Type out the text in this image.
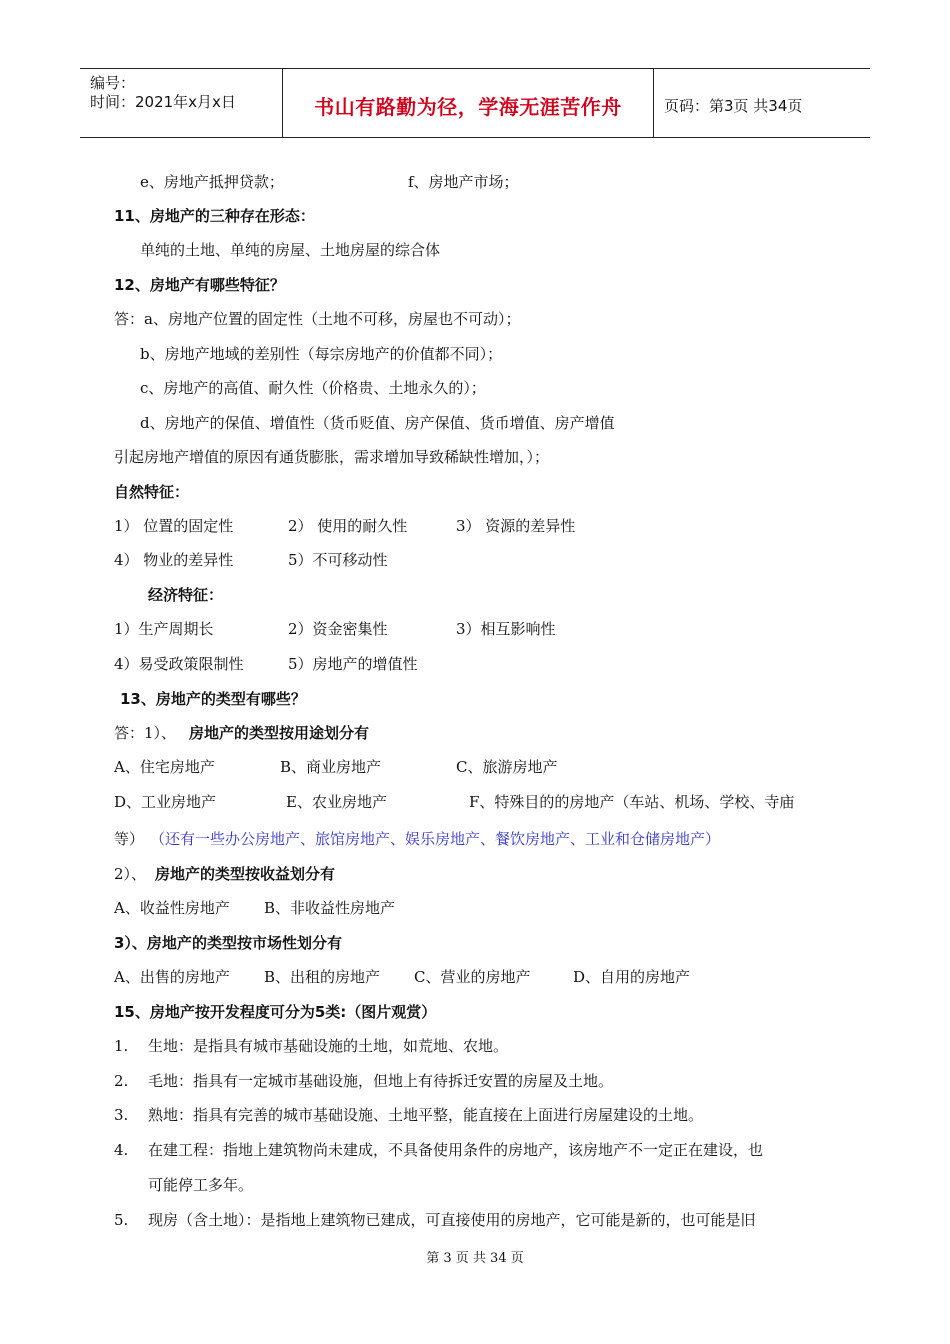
编号：
时间：2021年x月x日	书山有路勤为径，学海无涯苦作舟	页码：第3页 共34页
e、房地产抵押贷款；	f、房地产市场；
11、房地产的三种存在形态：
单纯的土地、单纯的房屋、土地房屋的综合体
12、房地产有哪些特征？
答：a、房地产位置的固定性（土地不可移，房屋也不可动）；
b、房地产地域的差别性（每宗房地产的价值都不同）；
c、房地产的高值、耐久性（价格贵、土地永久的）；
d、房地产的保值、增值性（货币贬值、房产保值、货币增值、房产增值
引起房地产增值的原因有通货膨胀，需求增加导致稀缺性增加，）；
自然特征：
1） 位置的固定性	2） 使用的耐久性	3） 资源的差异性
4） 物业的差异性	5）不可移动性
经济特征：
1）生产周期长	2）资金密集性	3）相互影响性
4）易受政策限制性	5）房地产的增值性
13、房地产的类型有哪些？
答：1）、 房地产的类型按用途划分有
A、住宅房地产	B、商业房地产	C、旅游房地产
D、工业房地产	E、农业房地产	F、特殊目的的房地产（车站、机场、学校、寺庙
等） （还有一些办公房地产、旅馆房地产、娱乐房地产、餐饮房地产、工业和仓储房地产）
2）、 房地产的类型按收益划分有
A、收益性房地产 B、非收益性房地产
3）、房地产的类型按市场性划分有
A、出售的房地产 B、出租的房地产 C、营业的房地产	D、自用的房地产
15、房地产按开发程度可分为5类:（图片观赏）
1. 生地：是指具有城市基础设施的土地，如荒地、农地。
2. 毛地：指具有一定城市基础设施，但地上有待拆迁安置的房屋及土地。
3. 熟地：指具有完善的城市基础设施、土地平整，能直接在上面进行房屋建设的土地。
4. 在建工程：指地上建筑物尚未建成，不具备使用条件的房地产，该房地产不一定正在建设，也
可能停工多年。
5. 现房（含土地）：是指地上建筑物已建成，可直接使用的房地产，它可能是新的，也可能是旧
第 3 页 共 34 页
